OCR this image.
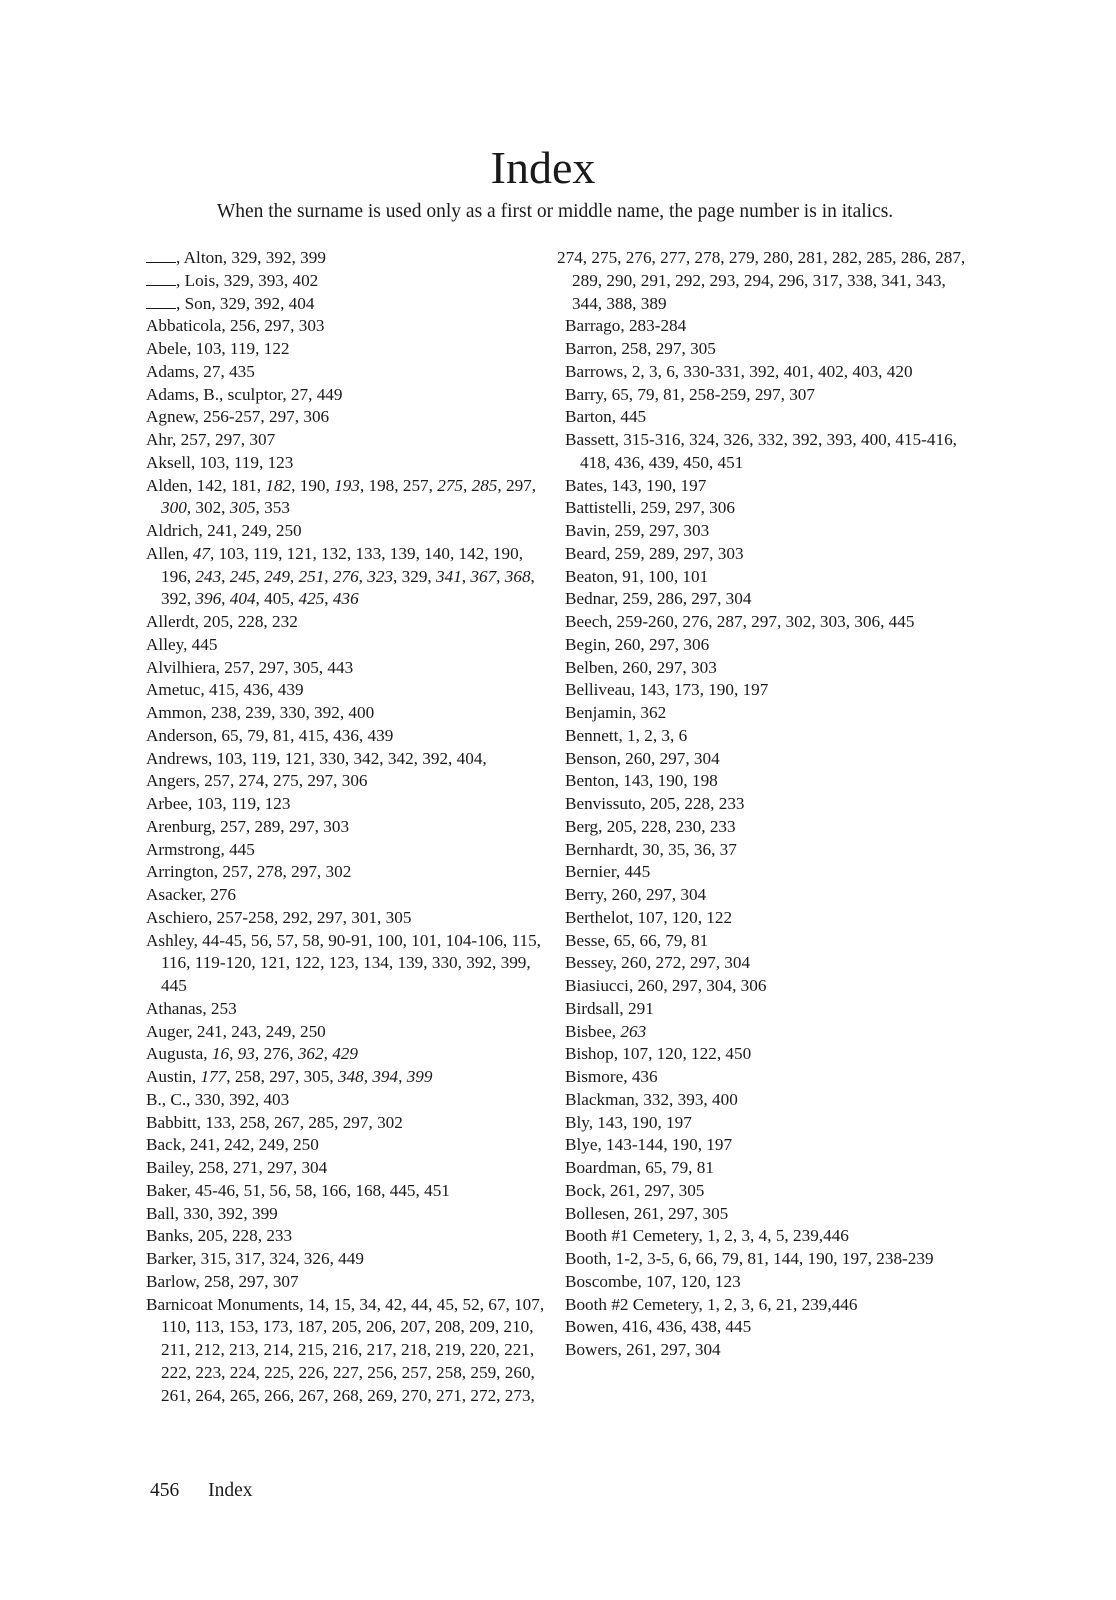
Index

When the surname is used only as a first or middle name, the page number is in italics.

, Alton, 329, 392, 399
, Lois, 329, 393, 402
, Son, 329, 392, 404
Abbaticola, 256, 297, 303
Abele, 103, 119, 122
Adams, 27, 435
Adams, B., sculptor, 27, 449
Agnew, 256-257, 297, 306
Ahr, 257, 297, 307
Aksell, 103, 119, 123
Alden, 142, 181, 182, 190, 193, 198, 257, 275, 285, 297, 300, 302, 305, 353
Aldrich, 241, 249, 250
Allen, 47, 103, 119, 121, 132, 133, 139, 140, 142, 190, 196, 243, 245, 249, 251, 276, 323, 329, 341, 367, 368, 392, 396, 404, 405, 425, 436
Allerdt, 205, 228, 232
Alley, 445
Alvilhiera, 257, 297, 305, 443
Ametuc, 415, 436, 439
Ammon, 238, 239, 330, 392, 400
Anderson, 65, 79, 81, 415, 436, 439
Andrews, 103, 119, 121, 330, 342, 342, 392, 404,
Angers, 257, 274, 275, 297, 306
Arbee, 103, 119, 123
Arenburg, 257, 289, 297, 303
Armstrong, 445
Arrington, 257, 278, 297, 302
Asacker, 276
Aschiero, 257-258, 292, 297, 301, 305
Ashley, 44-45, 56, 57, 58, 90-91, 100, 101, 104-106, 115, 116, 119-120, 121, 122, 123, 134, 139, 330, 392, 399, 445
Athanas, 253
Auger, 241, 243, 249, 250
Augusta, 16, 93, 276, 362, 429
Austin, 177, 258, 297, 305, 348, 394, 399
B., C., 330, 392, 403
Babbitt, 133, 258, 267, 285, 297, 302
Back, 241, 242, 249, 250
Bailey, 258, 271, 297, 304
Baker, 45-46, 51, 56, 58, 166, 168, 445, 451
Ball, 330, 392, 399
Banks, 205, 228, 233
Barker, 315, 317, 324, 326, 449
Barlow, 258, 297, 307
Barnicoat Monuments, 14, 15, 34, 42, 44, 45, 52, 67, 107, 110, 113, 153, 173, 187, 205, 206, 207, 208, 209, 210, 211, 212, 213, 214, 215, 216, 217, 218, 219, 220, 221, 222, 223, 224, 225, 226, 227, 256, 257, 258, 259, 260, 261, 264, 265, 266, 267, 268, 269, 270, 271, 272, 273,
274, 275, 276, 277, 278, 279, 280, 281, 282, 285, 286, 287, 289, 290, 291, 292, 293, 294, 296, 317, 338, 341, 343, 344, 388, 389
Barrago, 283-284
Barron, 258, 297, 305
Barrows, 2, 3, 6, 330-331, 392, 401, 402, 403, 420
Barry, 65, 79, 81, 258-259, 297, 307
Barton, 445
Bassett, 315-316, 324, 326, 332, 392, 393, 400, 415-416, 418, 436, 439, 450, 451
Bates, 143, 190, 197
Battistelli, 259, 297, 306
Bavin, 259, 297, 303
Beard, 259, 289, 297, 303
Beaton, 91, 100, 101
Bednar, 259, 286, 297, 304
Beech, 259-260, 276, 287, 297, 302, 303, 306, 445
Begin, 260, 297, 306
Belben, 260, 297, 303
Belliveau, 143, 173, 190, 197
Benjamin, 362
Bennett, 1, 2, 3, 6
Benson, 260, 297, 304
Benton, 143, 190, 198
Benvissuto, 205, 228, 233
Berg, 205, 228, 230, 233
Bernhardt, 30, 35, 36, 37
Bernier, 445
Berry, 260, 297, 304
Berthelot, 107, 120, 122
Besse, 65, 66, 79, 81
Bessey, 260, 272, 297, 304
Biasiucci, 260, 297, 304, 306
Birdsall, 291
Bisbee, 263
Bishop, 107, 120, 122, 450
Bismore, 436
Blackman, 332, 393, 400
Bly, 143, 190, 197
Blye, 143-144, 190, 197
Boardman, 65, 79, 81
Bock, 261, 297, 305
Bollesen, 261, 297, 305
Booth #1 Cemetery, 1, 2, 3, 4, 5, 239,446
Booth, 1-2, 3-5, 6, 66, 79, 81, 144, 190, 197, 238-239
Boscombe, 107, 120, 123
Booth #2 Cemetery, 1, 2, 3, 6, 21, 239,446
Bowen, 416, 436, 438, 445
Bowers, 261, 297, 304
456 Index
